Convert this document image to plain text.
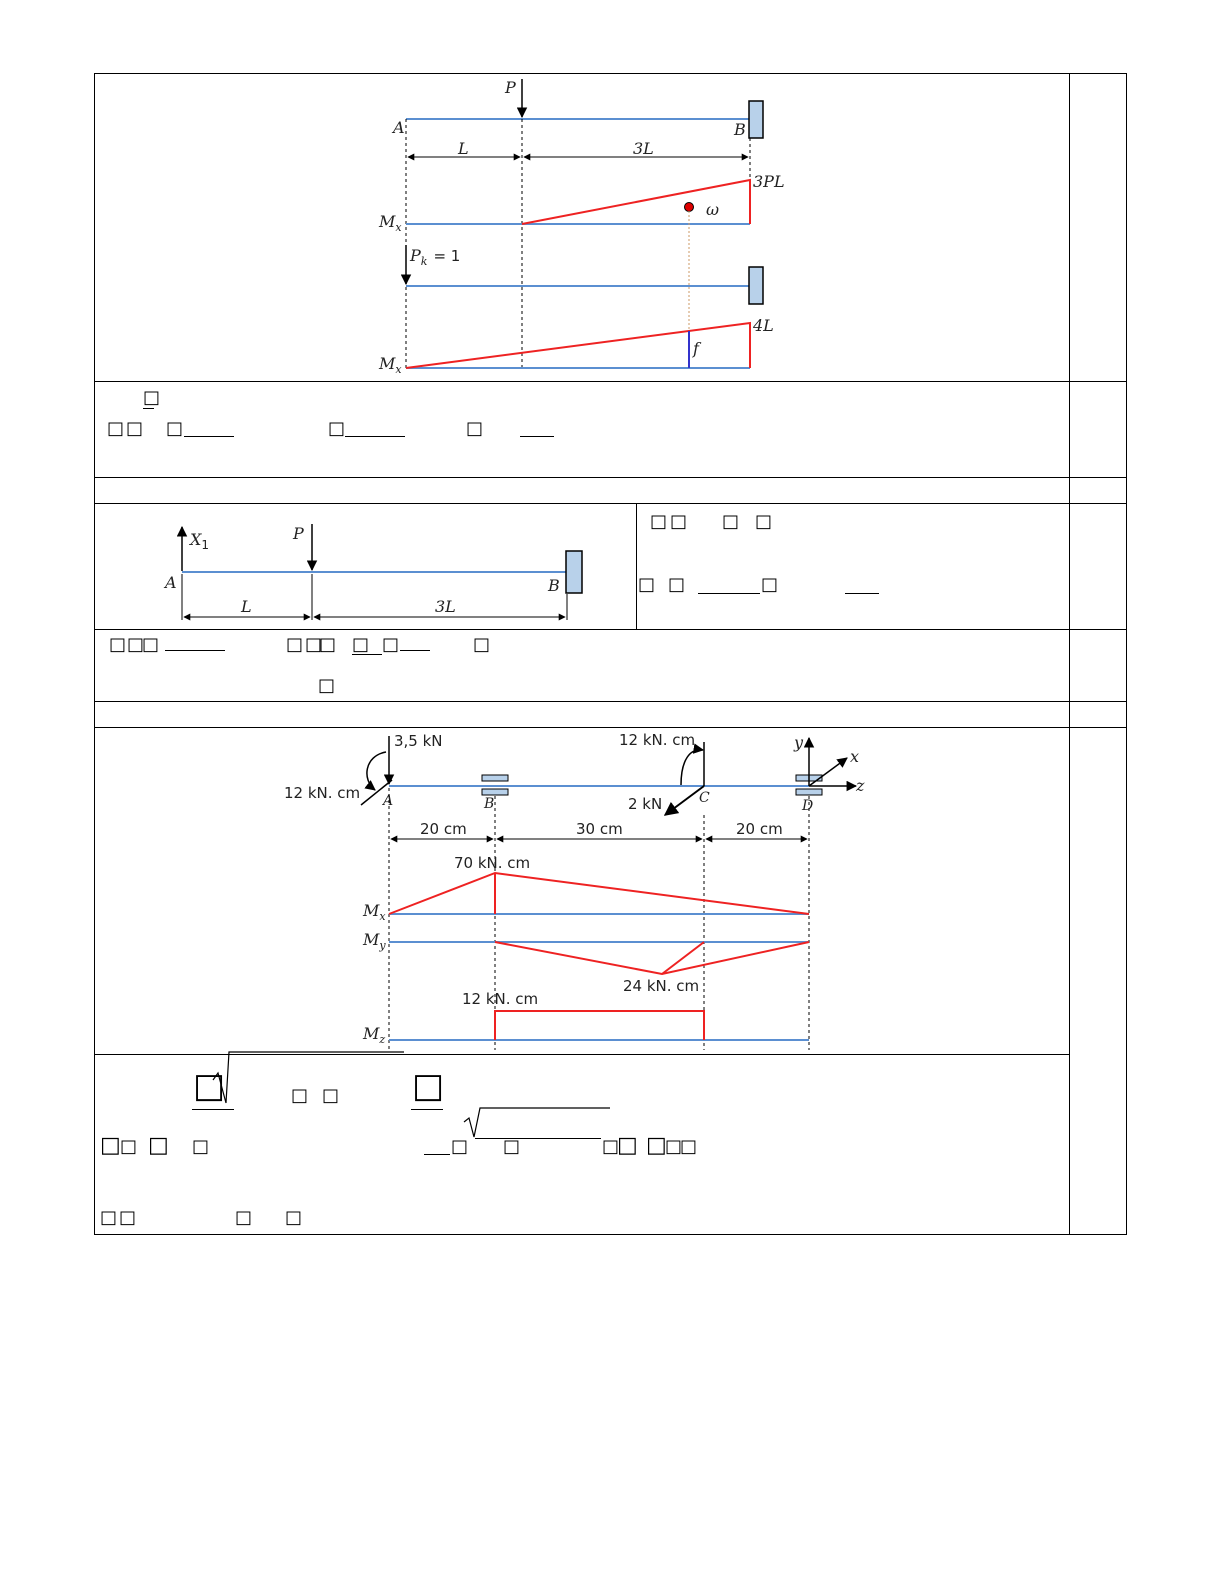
P
A	B
L	3L
$M_x$
3PL
ω
$P_k = 1$
f
$M_x$
4L
$X_1$
P
A	B
L	3L
3,5 kN
12 kN. cm
12 kN. cm
2 kN
A	B	C	D
y
x
z
20 cm	30 cm	20 cm
70 kN. cm
$M_x$
24 kN. cm
$M_y$
12 kN. cm
$M_z$
□
□ □ □	□	□
□ □ □ □
□ □	□
□ □
□	□ □
□ □ □	□
□
□	□ □ □
□ □ □ □	□ □	□
□ □
□
□
□ □	□ □
